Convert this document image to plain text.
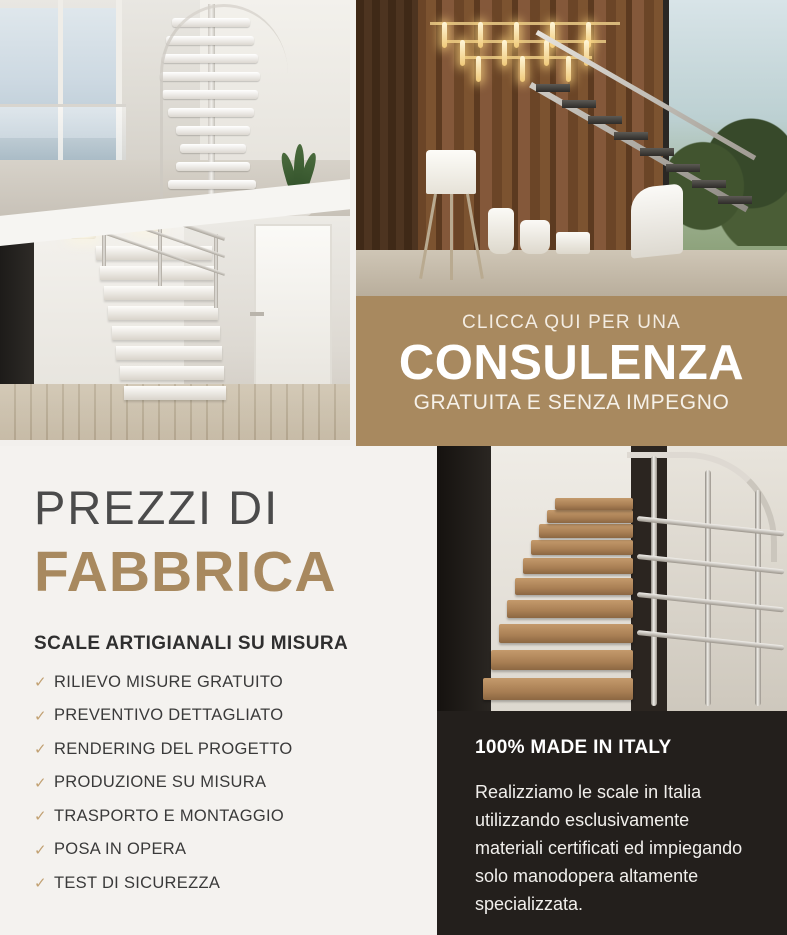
CLICCA QUI PER UNA
CONSULENZA
GRATUITA E SENZA IMPEGNO
PREZZI DI
FABBRICA
SCALE ARTIGIANALI SU MISURA
✓ RILIEVO MISURE GRATUITO
✓ PREVENTIVO DETTAGLIATO
✓ RENDERING DEL PROGETTO
✓ PRODUZIONE SU MISURA
✓ TRASPORTO E MONTAGGIO
✓ POSA IN OPERA
✓ TEST DI SICUREZZA
100% MADE IN ITALY
Realizziamo le scale in Italia utilizzando esclusivamente materiali certificati ed impiegando solo manodopera altamente specializzata.
